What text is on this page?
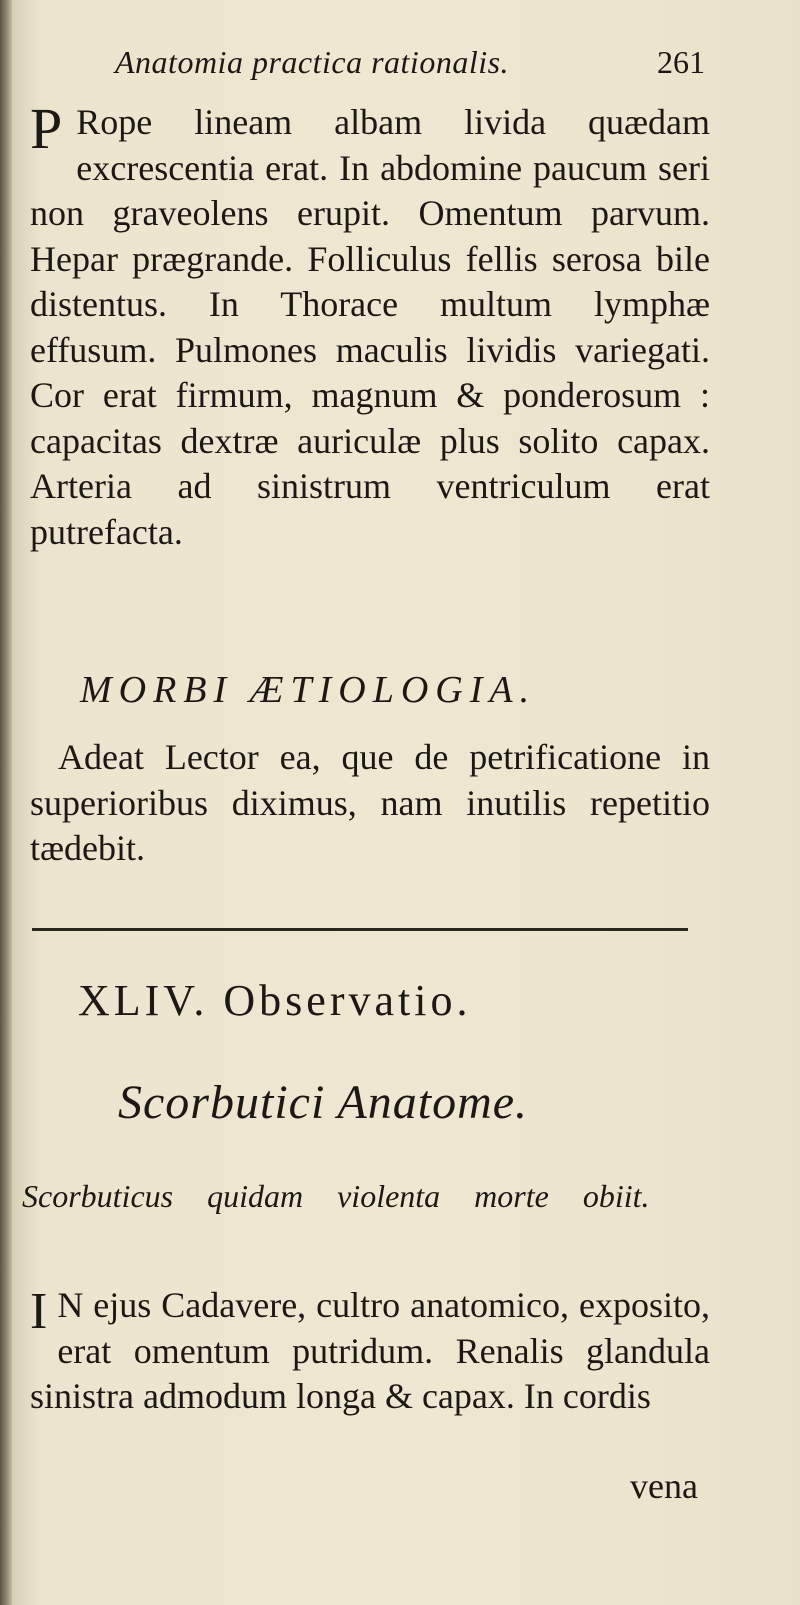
Anatomia practica rationalis.	261

P Rope lineam albam livida quædam excrescentia erat. In abdomine paucum seri non graveolens erupit. Omentum parvum. Hepar prægrande. Folliculus fellis serosa bile distentus. In Thorace multum lymphæ effusum. Pulmones maculis lividis variegati. Cor erat firmum, magnum & ponderosum : capacitas dextræ auriculæ plus solito capax. Arteria ad sinistrum ventriculum erat putrefacta.

MORBI ÆTIOLOGIA.

Adeat Lector ea, que de petrificatione in superioribus diximus, nam inutilis repetitio tædebit.

XLIV. Observatio.
Scorbutici Anatome.
Scorbuticus quidam violenta morte obiit.

I N ejus Cadavere, cultro anatomico, exposito, erat omentum putridum. Renalis glandula sinistra admodum longa & capax. In cordis

vena
